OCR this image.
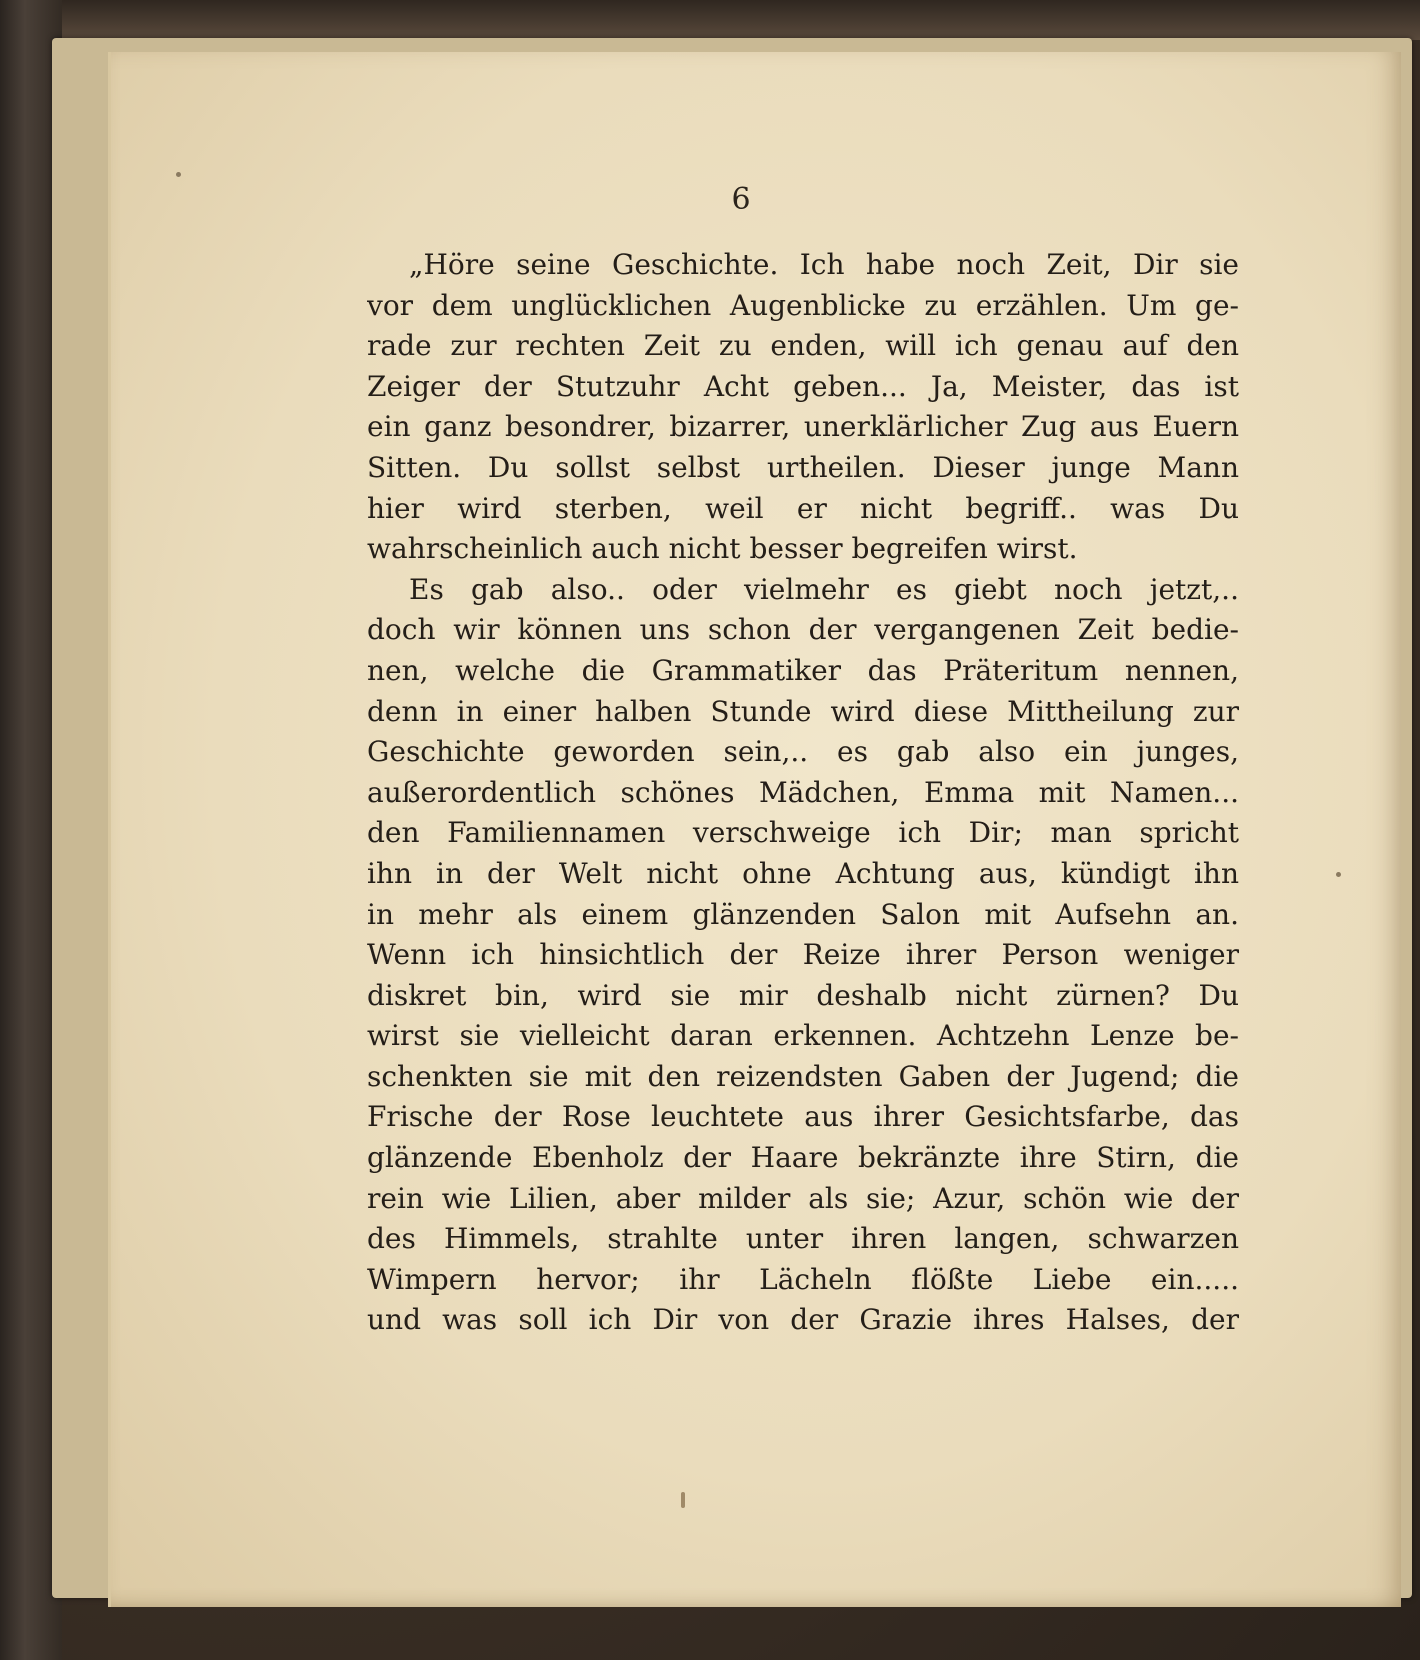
6
„Höre seine Geschichte. Ich habe noch Zeit, Dir sie
vor dem unglücklichen Augenblicke zu erzählen. Um ge-
rade zur rechten Zeit zu enden, will ich genau auf den
Zeiger der Stutzuhr Acht geben... Ja, Meister, das ist
ein ganz besondrer, bizarrer, unerklärlicher Zug aus Euern
Sitten. Du sollst selbst urtheilen. Dieser junge Mann
hier wird sterben, weil er nicht begriff.. was Du
wahrscheinlich auch nicht besser begreifen wirst.
Es gab also.. oder vielmehr es giebt noch jetzt,..
doch wir können uns schon der vergangenen Zeit bedie-
nen, welche die Grammatiker das Präteritum nennen,
denn in einer halben Stunde wird diese Mittheilung zur
Geschichte geworden sein,.. es gab also ein junges,
außerordentlich schönes Mädchen, Emma mit Namen...
den Familiennamen verschweige ich Dir; man spricht
ihn in der Welt nicht ohne Achtung aus, kündigt ihn
in mehr als einem glänzenden Salon mit Aufsehn an.
Wenn ich hinsichtlich der Reize ihrer Person weniger
diskret bin, wird sie mir deshalb nicht zürnen? Du
wirst sie vielleicht daran erkennen. Achtzehn Lenze be-
schenkten sie mit den reizendsten Gaben der Jugend; die
Frische der Rose leuchtete aus ihrer Gesichtsfarbe, das
glänzende Ebenholz der Haare bekränzte ihre Stirn, die
rein wie Lilien, aber milder als sie; Azur, schön wie der
des Himmels, strahlte unter ihren langen, schwarzen
Wimpern hervor; ihr Lächeln flößte Liebe ein.....
und was soll ich Dir von der Grazie ihres Halses, der
